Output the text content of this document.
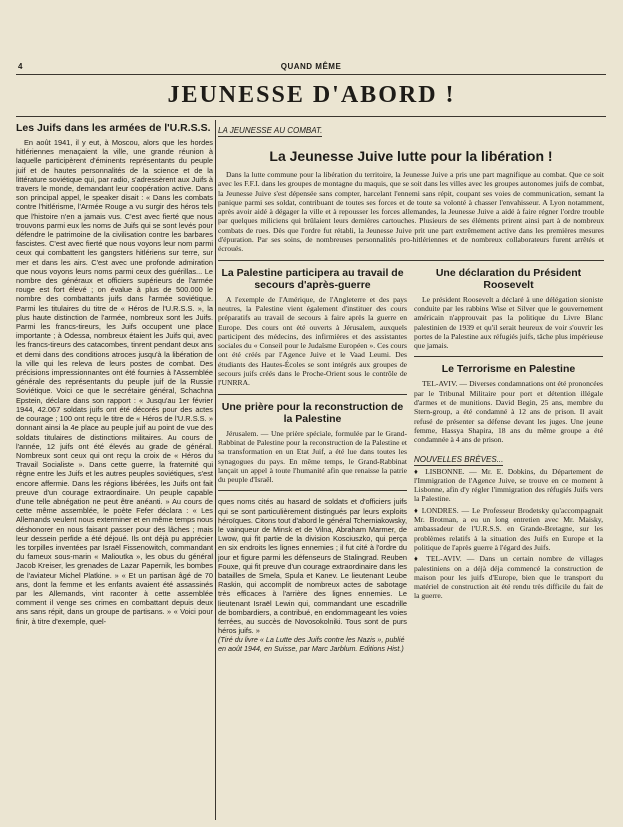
4	QUAND MÊME
JEUNESSE D'ABORD !
Les Juifs dans les armées de l'U.R.S.S.

En août 1941, il y eut, à Moscou, alors que les hordes hitlériennes menaçaient la ville, une grande réunion à laquelle participèrent d'éminents représentants du peuple juif et de hautes personnalités de la science et de la littérature soviétique qui, par radio, s'adressèrent aux Juifs à travers le monde, demandant leur coopération active. Dans son principal appel, le speaker disait : « Dans les combats contre l'hitlérisme, l'Armée Rouge a vu surgir des héros tels que l'histoire n'en a jamais vus. C'est avec fierté que nous trouvons parmi eux les noms de Juifs qui se sont levés pour défendre le patrimoine de la civilisation contre les barbares fascistes. C'est avec fierté que nous voyons leur nom parmi ceux qui combattent les gangsters hitlériens sur terre, sur mer et dans les airs. C'est avec une profonde admiration que nous voyons leurs noms parmi ceux des guérillas... Le nombre des généraux et officiers supérieurs de l'armée rouge est fort élevé ; on évalue à plus de 500.000 le nombre des combattants juifs dans l'armée soviétique. Parmi les titulaires du titre de « Héros de l'U.R.S.S. », la plus haute distinction de l'armée, nombreux sont les Juifs. Parmi les francs-tireurs, les Juifs occupent une place importante ; à Odessa, nombreux étaient les Juifs qui, avec les francs-tireurs des catacombes, tinrent pendant deux ans et demi dans des conditions atroces jusqu'à la libération de la ville qui les releva de leurs postes de combat. Des précisions impressionnantes ont été fournies à l'Assemblée générale des représentants du peuple juif de la Russie Soviétique. Voici ce que le secrétaire général, Schachna Epstein, déclare dans son rapport : « Jusqu'au 1er février 1944, 42.067 soldats juifs ont été décorés pour des actes de courage ; 100 ont reçu le titre de « Héros de l'U.R.S.S. » donnant ainsi la 4e place au peuple juif au point de vue des soldats titulaires de distinctions militaires. Au cours de l'année, 12 juifs ont été élevés au grade de général. Nombreux sont ceux qui ont reçu la croix de « Héros du Travail Socialiste ». Dans cette guerre, la fraternité qui règne entre les Juifs et les autres peuples soviétiques, s'est encore affermie. Dans les régions libérées, les Juifs ont fait preuve d'un courage extraordinaire. Un peuple capable d'une telle abnégation ne peut être anéanti. » Au cours de cette même assemblée, le poète Fefer déclara : « Les Allemands veulent nous exterminer et en même temps nous déshonorer en nous faisant passer pour des lâches ; mais leur dessein perfide a été déjoué. Ils ont déjà pu apprécier les torpilles inventées par Israël Fissenowitch, commandant du fameux sous-marin « Malioutka », les obus du général Jacob Kreiser, les grenades de Lazar Papernik, les bombes de l'aviateur Michel Platkine. » « Et un partisan âgé de 70 ans, dont la femme et les enfants avaient été assassinés par les Allemands, vint raconter à cette assemblée comment il venge ses crimes en combattant depuis deux ans sans répit, dans un groupe de partisans. » « Voici pour finir, à titre d'exemple, quel-

LA JEUNESSE AU COMBAT.
La Jeunesse Juive lutte pour la libération !

Dans la lutte commune pour la libération du territoire, la Jeunesse Juive a pris une part magnifique au combat. Que ce soit avec les F.F.I. dans les groupes de montagne du maquis, que se soit dans les villes avec les groupes autonomes juifs de combat, la Jeunesse Juive s'est dépensée sans compter, harcelant l'ennemi sans répit, coupant ses voies de communication, semant la panique parmi ses soldat, contribuant de toutes ses forces et de toute sa volonté à chasser l'envahisseur. A Lyon notamment, après avoir aidé à dégager la ville et à repousser les forces allemandes, la Jeunesse Juive a aidé à faire régner l'ordre trouble par quelques miliciens qui brûlaient leurs dernières cartouches. Plusieurs de ses éléments prirent ainsi part à de nombreux combats de rues. Dès que l'ordre fut rétabli, la Jeunesse Juive prit une part extrêmement active dans les premières mesures d'épuration. Par ses soins, de nombreuses personnalités pro-hitlériennes et de nombreux collaborateurs furent arrêtés et écroués.

La Palestine participera au travail de secours d'après-guerre

A l'exemple de l'Amérique, de l'Angleterre et des pays neutres, la Palestine vient également d'instituer des cours préparatifs au travail de secours à faire après la guerre en Europe. Des cours ont été ouverts à Jérusalem, auxquels participent des médecins, des infirmières et des assistantes sociales du « Conseil pour le Judaïsme Européen ». Ces cours ont été créés par l'Agence Juive et le Vaad Leumi. Des étudiants des Hautes-Écoles se sont intégrés aux groupes de secours juifs créés dans le Proche-Orient sous le contrôle de l'UNRRA.

Une prière pour la reconstruction de la Palestine

Jérusalem. — Une prière spéciale, formulée par le Grand-Rabbinat de Palestine pour la reconstruction de la Palestine et sa transformation en un Etat Juif, a été lue dans toutes les synagogues du pays. En même temps, le Grand-Rabbinat lançait un appel à toute l'humanité afin que renaisse la patrie du peuple d'Israël.

ques noms cités au hasard de soldats et d'officiers juifs qui se sont particulièrement distingués par leurs exploits héroïques. Citons tout d'abord le général Tcherniakowsky, le vainqueur de Minsk et de Vilna, Abraham Marmer, de Lwow, qui fit partie de la division Kosciuszko, qui perça en six endroits les lignes ennemies ; il fut cité à l'ordre du jour et figure parmi les défenseurs de Stalingrad. Reuben Fouxe, qui fit preuve d'un courage extraordinaire dans les batailles de Smela, Spula et Kanev. Le lieutenant Leube Raskin, qui accomplit de nombreux actes de sabotage très efficaces à l'arrière des lignes ennemies. Le lieutenant Israël Lewin qui, commandant une escadrille de bombardiers, a contribué, en endommageant les voies ferrées, au succès de Novosokolniki. Tous sont de purs héros juifs. »

(Tiré du livre « La Lutte des Juifs contre les Nazis », publié en août 1944, en Suisse, par Marc Jarblum. Editions Hist.)

Une déclaration du Président Roosevelt

Le président Roosevelt a déclaré à une délégation sioniste conduite par les rabbins Wise et Silver que le gouvernement américain n'approuvait pas la politique du Livre Blanc palestinien de 1939 et qu'il serait heureux de voir s'ouvrir les portes de la Palestine aux réfugiés juifs, tâche plus impérieuse que jamais.

Le Terrorisme en Palestine

TEL-AVIV. — Diverses condamnations ont été prononcées par le Tribunal Militaire pour port et détention illégale d'armes et de munitions. David Begin, 25 ans, membre du Stern-group, a été condamné à 12 ans de prison. Il avait refusé de présenter sa défense devant les juges. Une jeune femme, Hassya Shapira, 18 ans du même groupe a été condamnée à 4 ans de prison.

NOUVELLES BRÈVES...

♦ LISBONNE. — Mr. E. Dobkins, du Département de l'Immigration de l'Agence Juive, se trouve en ce moment à Lisbonne, afin d'y régler l'immigration des réfugiés Juifs vers la Palestine.

♦ LONDRES. — Le Professeur Brodetsky qu'accompagnait Mr. Brotman, a eu un long entretien avec Mr. Maisky, ambassadeur de l'U.R.S.S. en Grande-Bretagne, sur les problèmes relatifs à la situation des Juifs en Europe et la politique de l'après guerre à l'égard des Juifs.

♦ TEL-AVIV. — Dans un certain nombre de villages palestiniens on a déjà déja commencé la construction de maison pour les juifs d'Europe, bien que le transport du matériel de construction ait été rendu très difficile du fait de la guerre.
